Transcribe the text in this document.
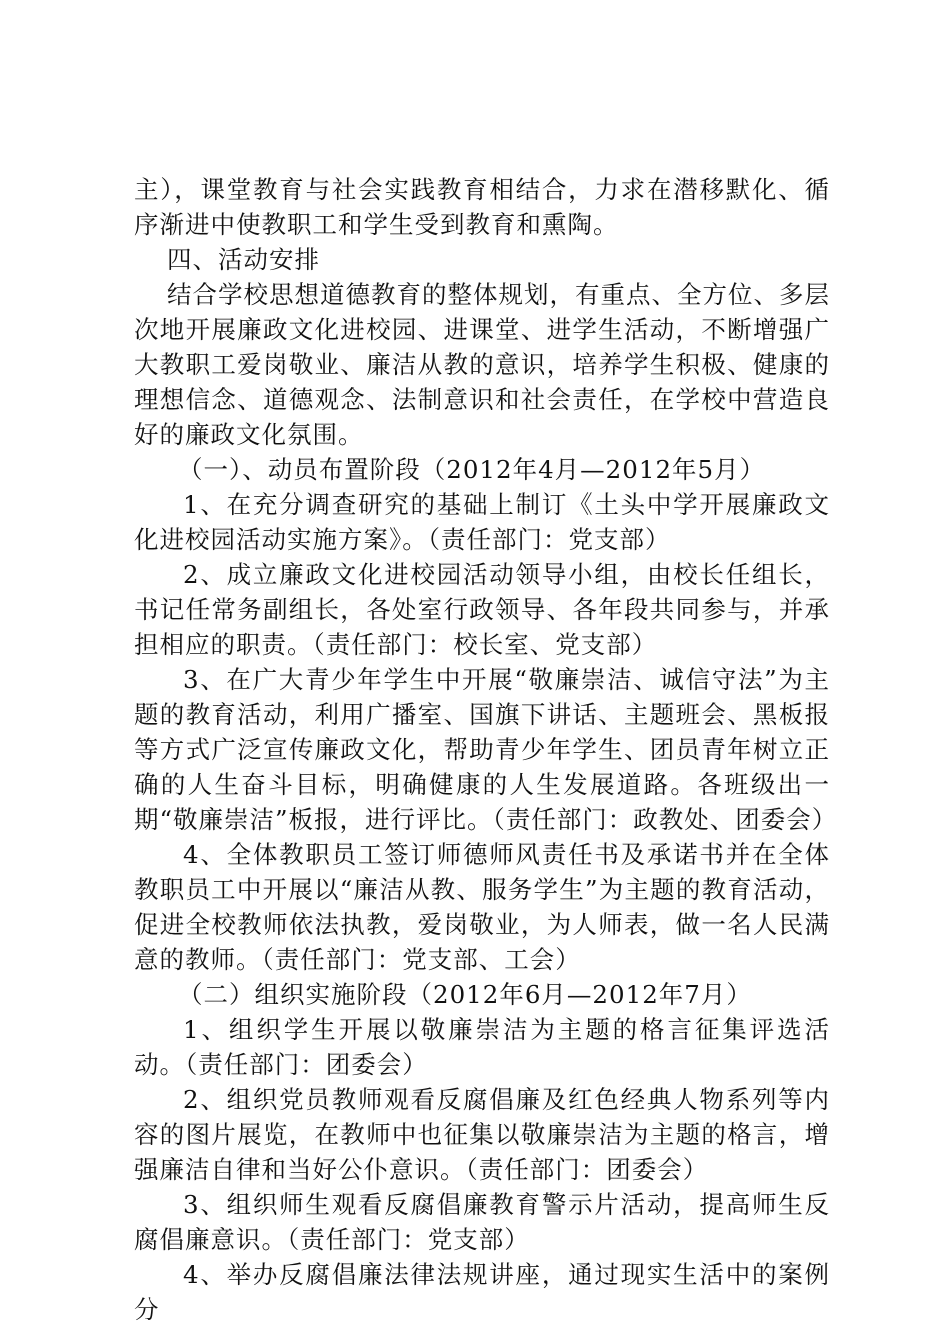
主），课堂教育与社会实践教育相结合，力求在潜移默化、循序渐进中使教职工和学生受到教育和熏陶。

四、活动安排

结合学校思想道德教育的整体规划，有重点、全方位、多层次地开展廉政文化进校园、进课堂、进学生活动，不断增强广大教职工爱岗敬业、廉洁从教的意识，培养学生积极、健康的理想信念、道德观念、法制意识和社会责任，在学校中营造良好的廉政文化氛围。

（一）、动员布置阶段（2012年4月—2012年5月）

1、在充分调查研究的基础上制订《土头中学开展廉政文化进校园活动实施方案》。（责任部门：党支部）

2、成立廉政文化进校园活动领导小组，由校长任组长，书记任常务副组长，各处室行政领导、各年段共同参与，并承担相应的职责。（责任部门：校长室、党支部）

3、在广大青少年学生中开展“敬廉崇洁、诚信守法”为主题的教育活动，利用广播室、国旗下讲话、主题班会、黑板报等方式广泛宣传廉政文化，帮助青少年学生、团员青年树立正确的人生奋斗目标，明确健康的人生发展道路。各班级出一期“敬廉崇洁”板报，进行评比。（责任部门：政教处、团委会）

4、全体教职员工签订师德师风责任书及承诺书并在全体教职员工中开展以“廉洁从教、服务学生”为主题的教育活动，促进全校教师依法执教，爱岗敬业，为人师表，做一名人民满意的教师。（责任部门：党支部、工会）

（二）组织实施阶段（2012年6月—2012年7月）

1、组织学生开展以敬廉崇洁为主题的格言征集评选活动。（责任部门：团委会）

2、组织党员教师观看反腐倡廉及红色经典人物系列等内容的图片展览，在教师中也征集以敬廉崇洁为主题的格言，增强廉洁自律和当好公仆意识。（责任部门：团委会）

3、组织师生观看反腐倡廉教育警示片活动，提高师生反腐倡廉意识。（责任部门：党支部）

4、举办反腐倡廉法律法规讲座，通过现实生活中的案例分
